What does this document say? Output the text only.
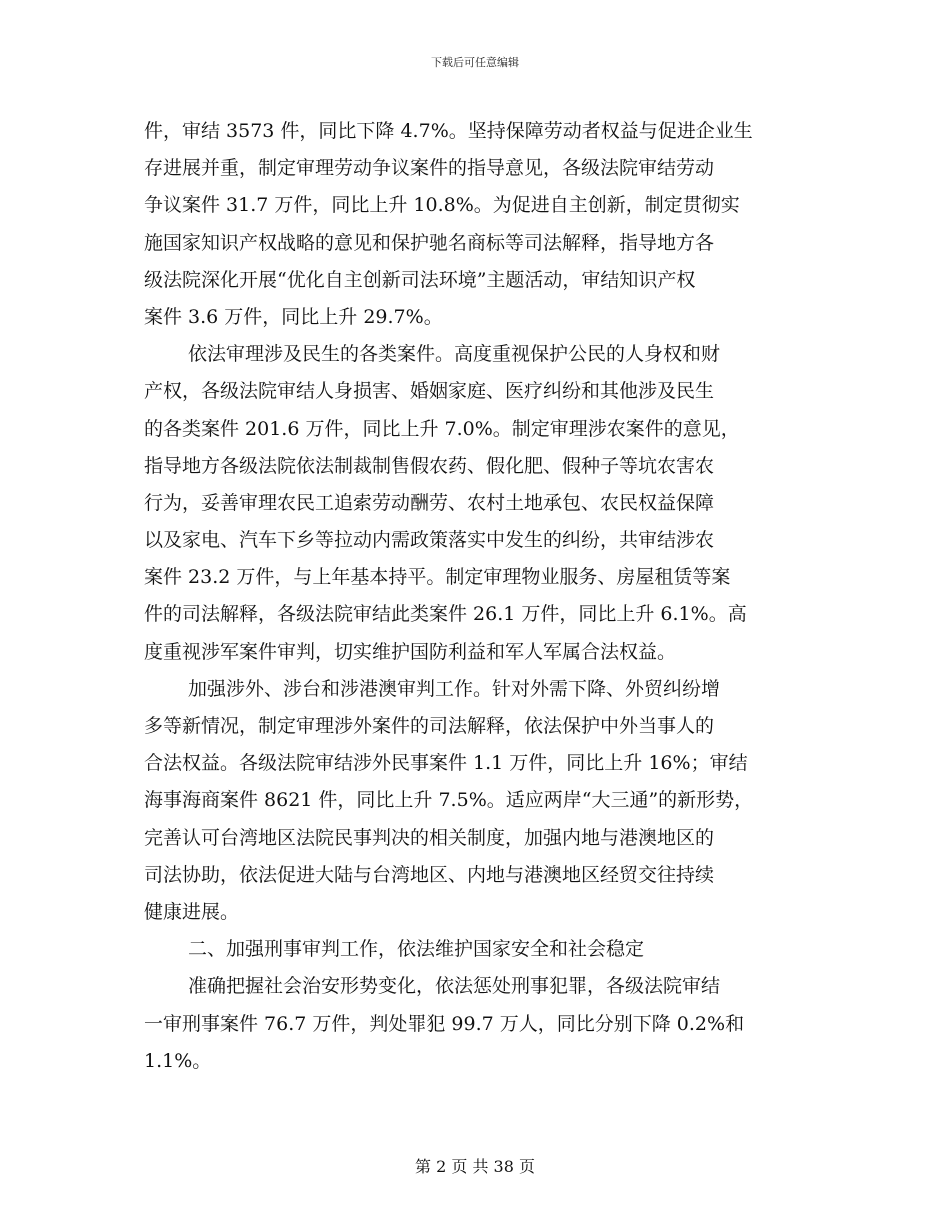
下载后可任意编辑
件，审结 3573 件，同比下降 4.7%。坚持保障劳动者权益与促进企业生
存进展并重，制定审理劳动争议案件的指导意见，各级法院审结劳动
争议案件 31.7 万件，同比上升 10.8%。为促进自主创新，制定贯彻实
施国家知识产权战略的意见和保护驰名商标等司法解释，指导地方各
级法院深化开展“优化自主创新司法环境”主题活动，审结知识产权
案件 3.6 万件，同比上升 29.7%。
依法审理涉及民生的各类案件。高度重视保护公民的人身权和财
产权，各级法院审结人身损害、婚姻家庭、医疗纠纷和其他涉及民生
的各类案件 201.6 万件，同比上升 7.0%。制定审理涉农案件的意见，
指导地方各级法院依法制裁制售假农药、假化肥、假种子等坑农害农
行为，妥善审理农民工追索劳动酬劳、农村土地承包、农民权益保障
以及家电、汽车下乡等拉动内需政策落实中发生的纠纷，共审结涉农
案件 23.2 万件，与上年基本持平。制定审理物业服务、房屋租赁等案
件的司法解释，各级法院审结此类案件 26.1 万件，同比上升 6.1%。高
度重视涉军案件审判，切实维护国防利益和军人军属合法权益。
加强涉外、涉台和涉港澳审判工作。针对外需下降、外贸纠纷增
多等新情况，制定审理涉外案件的司法解释，依法保护中外当事人的
合法权益。各级法院审结涉外民事案件 1.1 万件，同比上升 16%；审结
海事海商案件 8621 件，同比上升 7.5%。适应两岸“大三通”的新形势，
完善认可台湾地区法院民事判决的相关制度，加强内地与港澳地区的
司法协助，依法促进大陆与台湾地区、内地与港澳地区经贸交往持续
健康进展。
二、加强刑事审判工作，依法维护国家安全和社会稳定
准确把握社会治安形势变化，依法惩处刑事犯罪，各级法院审结
一审刑事案件 76.7 万件，判处罪犯 99.7 万人，同比分别下降 0.2%和
1.1%。
第 2 页 共 38 页
